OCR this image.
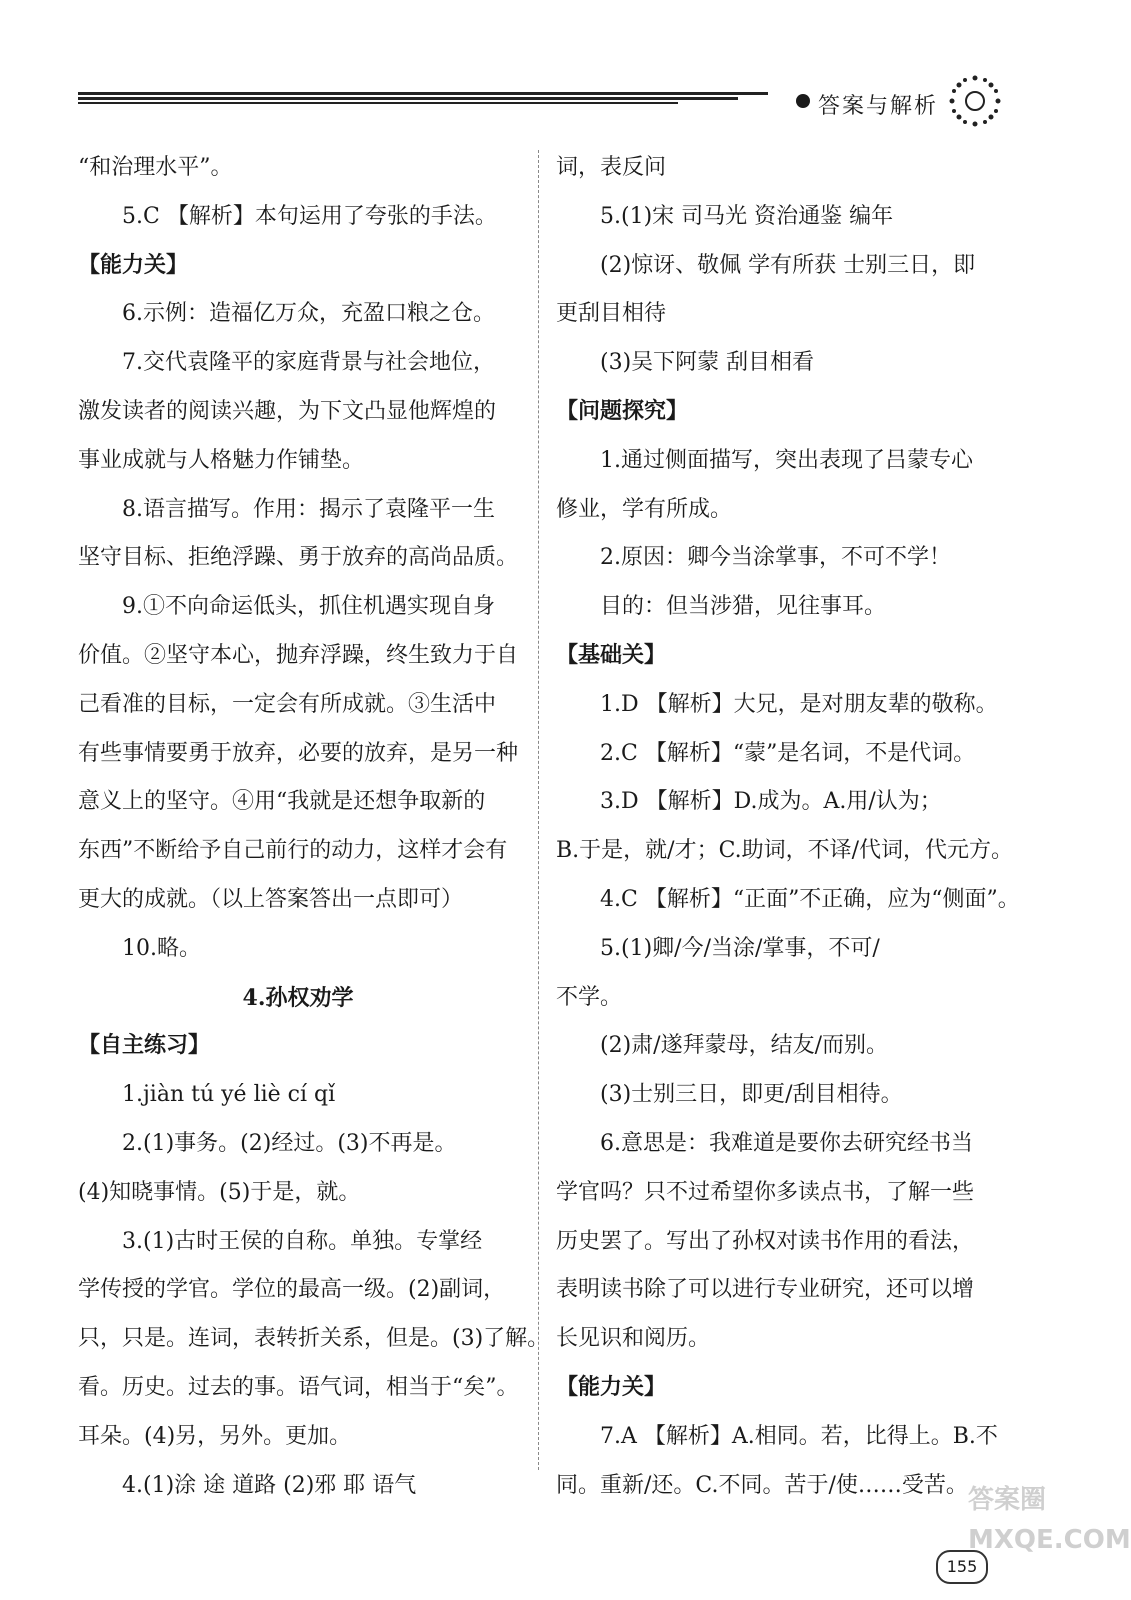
答案与解析
“和治理水平”。
5.C 【解析】本句运用了夸张的手法。
【能力关】
6.示例：造福亿万众，充盈口粮之仓。
7.交代袁隆平的家庭背景与社会地位，
激发读者的阅读兴趣，为下文凸显他辉煌的
事业成就与人格魅力作铺垫。
8.语言描写。作用：揭示了袁隆平一生
坚守目标、拒绝浮躁、勇于放弃的高尚品质。
9.①不向命运低头，抓住机遇实现自身
价值。②坚守本心，抛弃浮躁，终生致力于自
己看准的目标，一定会有所成就。③生活中
有些事情要勇于放弃，必要的放弃，是另一种
意义上的坚守。④用“我就是还想争取新的
东西”不断给予自己前行的动力，这样才会有
更大的成就。（以上答案答出一点即可）
10.略。
4.孙权劝学
【自主练习】
1.jiàn tú yé liè cí qǐ
2.(1)事务。(2)经过。(3)不再是。
(4)知晓事情。(5)于是，就。
3.(1)古时王侯的自称。单独。专掌经
学传授的学官。学位的最高一级。(2)副词，
只，只是。连词，表转折关系，但是。(3)了解。
看。历史。过去的事。语气词，相当于“矣”。
耳朵。(4)另，另外。更加。
4.(1)涂 途 道路 (2)邪 耶 语气
词，表反问
5.(1)宋 司马光 资治通鉴 编年
(2)惊讶、敬佩 学有所获 士别三日，即
更刮目相待
(3)吴下阿蒙 刮目相看
【问题探究】
1.通过侧面描写，突出表现了吕蒙专心
修业，学有所成。
2.原因：卿今当涂掌事，不可不学！
目的：但当涉猎，见往事耳。
【基础关】
1.D 【解析】大兄，是对朋友辈的敬称。
2.C 【解析】“蒙”是名词，不是代词。
3.D 【解析】D.成为。A.用/认为；
B.于是，就/才；C.助词，不译/代词，代元方。
4.C 【解析】“正面”不正确，应为“侧面”。
5.(1)卿/今/当涂/掌事，不可/
不学。
(2)肃/遂拜蒙母，结友/而别。
(3)士别三日，即更/刮目相待。
6.意思是：我难道是要你去研究经书当
学官吗？只不过希望你多读点书，了解一些
历史罢了。写出了孙权对读书作用的看法，
表明读书除了可以进行专业研究，还可以增
长见识和阅历。
【能力关】
7.A 【解析】A.相同。若，比得上。B.不
同。重新/还。C.不同。苦于/使……受苦。 答案圈 MXQE.COM
155
